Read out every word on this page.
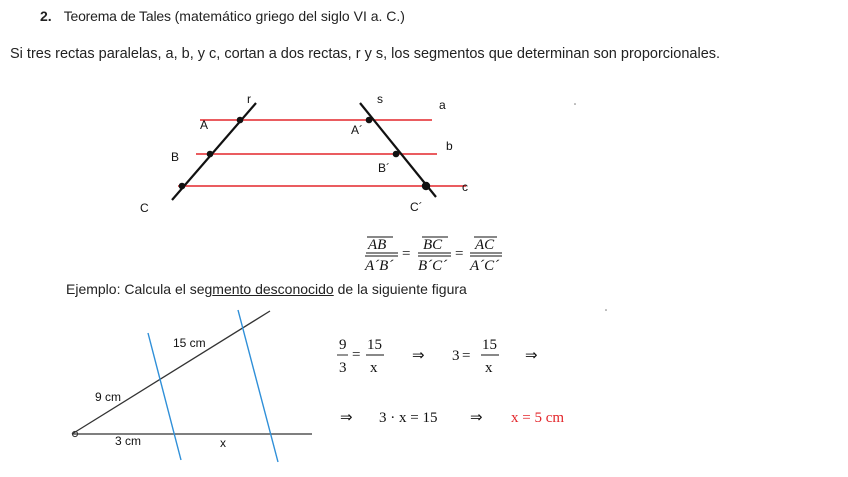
2. Teorema de Tales (matemático griego del siglo VI a. C.)
Si tres rectas paralelas, a, b, y c, cortan a dos rectas, r y s, los segmentos que determinan son proporcionales.
Ejemplo: Calcula el segmento desconocido de la siguiente figura
r	s	a
b
c
A
B
C
A´
B´
C´
AB
A´B´
=
BC
B´C´
=
AC
A´C´
15 cm
9 cm
3 cm	x
9
3
=
15
x
⇒ 3 =
15
x
⇒
⇒ 3 · x = 15 ⇒ x = 5 cm
